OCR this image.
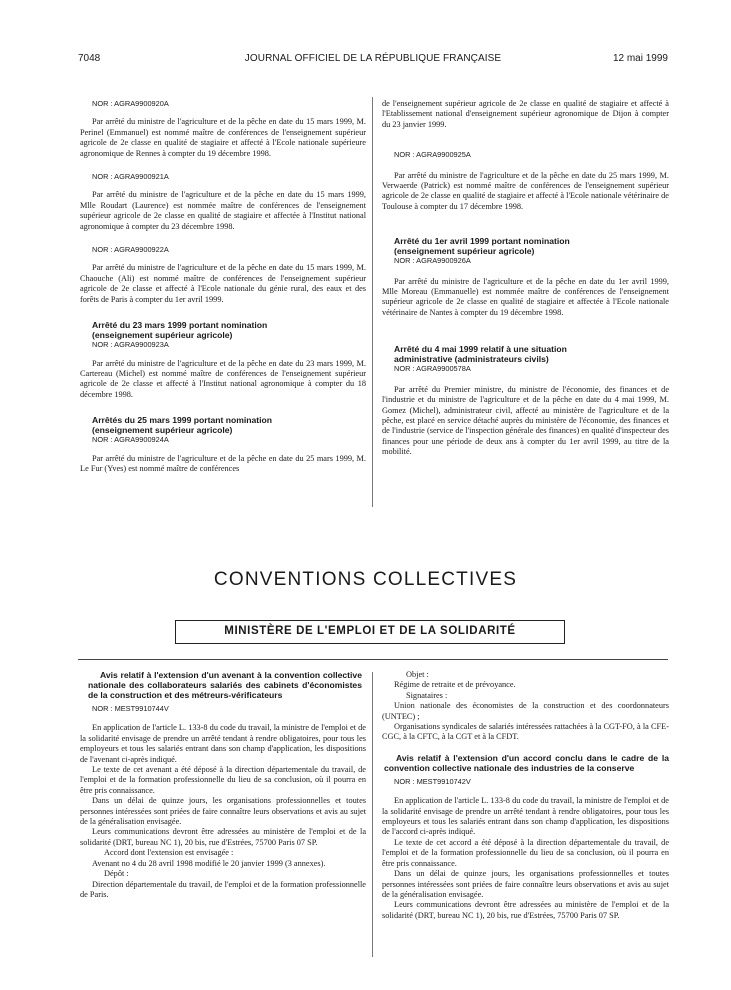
7048	JOURNAL OFFICIEL DE LA RÉPUBLIQUE FRANÇAISE	12 mai 1999

NOR : AGRA9900920A

Par arrêté du ministre de l'agriculture et de la pêche en date du 15 mars 1999, M. Perinel (Emmanuel) est nommé maître de conférences de l'enseignement supérieur agricole de 2e classe en qualité de stagiaire et affecté à l'Ecole nationale supérieure agronomique de Rennes à compter du 19 décembre 1998.

NOR : AGRA9900921A

Par arrêté du ministre de l'agriculture et de la pêche en date du 15 mars 1999, Mlle Roudart (Laurence) est nommée maître de conférences de l'enseignement supérieur agricole de 2e classe en qualité de stagiaire et affectée à l'Institut national agronomique à compter du 23 décembre 1998.

NOR : AGRA9900922A

Par arrêté du ministre de l'agriculture et de la pêche en date du 15 mars 1999, M. Chaouche (Ali) est nommé maître de conférences de l'enseignement supérieur agricole de 2e classe et affecté à l'Ecole nationale du génie rural, des eaux et des forêts de Paris à compter du 1er avril 1999.

Arrêté du 23 mars 1999 portant nomination

(enseignement supérieur agricole)

NOR : AGRA9900923A

Par arrêté du ministre de l'agriculture et de la pêche en date du 23 mars 1999, M. Cartereau (Michel) est nommé maître de conférences de l'enseignement supérieur agricole de 2e classe et affecté à l'Institut national agronomique à compter du 18 décembre 1998.

Arrêtés du 25 mars 1999 portant nomination

(enseignement supérieur agricole)

NOR : AGRA9900924A

Par arrêté du ministre de l'agriculture et de la pêche en date du 25 mars 1999, M. Le Fur (Yves) est nommé maître de conférences

de l'enseignement supérieur agricole de 2e classe en qualité de stagiaire et affecté à l'Etablissement national d'enseignement supérieur agronomique de Dijon à compter du 23 janvier 1999.

NOR : AGRA9900925A

Par arrêté du ministre de l'agriculture et de la pêche en date du 25 mars 1999, M. Verwaerde (Patrick) est nommé maître de conférences de l'enseignement supérieur agricole de 2e classe en qualité de stagiaire et affecté à l'Ecole nationale vétérinaire de Toulouse à compter du 17 décembre 1998.

Arrêté du 1er avril 1999 portant nomination

(enseignement supérieur agricole)

NOR : AGRA9900926A

Par arrêté du ministre de l'agriculture et de la pêche en date du 1er avril 1999, Mlle Moreau (Emmanuelle) est nommée maître de conférences de l'enseignement supérieur agricole de 2e classe en qualité de stagiaire et affectée à l'Ecole nationale vétérinaire de Nantes à compter du 19 décembre 1998.

Arrêté du 4 mai 1999 relatif à une situation

administrative (administrateurs civils)

NOR : AGRA9900578A

Par arrêté du Premier ministre, du ministre de l'économie, des finances et de l'industrie et du ministre de l'agriculture et de la pêche en date du 4 mai 1999, M. Gomez (Michel), administrateur civil, affecté au ministère de l'agriculture et de la pêche, est placé en service détaché auprès du ministère de l'économie, des finances et de l'industrie (service de l'inspection générale des finances) en qualité d'inspecteur des finances pour une période de deux ans à compter du 1er avril 1999, au titre de la mobilité.

CONVENTIONS COLLECTIVES
MINISTÈRE DE L'EMPLOI ET DE LA SOLIDARITÉ

Avis relatif à l'extension d'un avenant à la convention collective nationale des collaborateurs salariés des cabinets d'économistes de la construction et des métreurs-vérificateurs

NOR : MEST9910744V

En application de l'article L. 133-8 du code du travail, la ministre de l'emploi et de la solidarité envisage de prendre un arrêté tendant à rendre obligatoires, pour tous les employeurs et tous les salariés entrant dans son champ d'application, les dispositions de l'avenant ci-après indiqué.

Le texte de cet avenant a été déposé à la direction départementale du travail, de l'emploi et de la formation professionnelle du lieu de sa conclusion, où il pourra en être pris connaissance.

Dans un délai de quinze jours, les organisations professionnelles et toutes personnes intéressées sont priées de faire connaître leurs observations et avis au sujet de la généralisation envisagée.

Leurs communications devront être adressées au ministère de l'emploi et de la solidarité (DRT, bureau NC 1), 20 bis, rue d'Estrées, 75700 Paris 07 SP.

Accord dont l'extension est envisagée :

Avenant no 4 du 28 avril 1998 modifié le 20 janvier 1999 (3 annexes).

Dépôt :

Direction départementale du travail, de l'emploi et de la formation professionnelle de Paris.

Objet :

Régime de retraite et de prévoyance.

Signataires :

Union nationale des économistes de la construction et des coordonnateurs (UNTEC) ;

Organisations syndicales de salariés intéressées rattachées à la CGT-FO, à la CFE-CGC, à la CFTC, à la CGT et à la CFDT.

Avis relatif à l'extension d'un accord conclu dans le cadre de la convention collective nationale des industries de la conserve

NOR : MEST9910742V

En application de l'article L. 133-8 du code du travail, la ministre de l'emploi et de la solidarité envisage de prendre un arrêté tendant à rendre obligatoires, pour tous les employeurs et tous les salariés entrant dans son champ d'application, les dispositions de l'accord ci-après indiqué.

Le texte de cet accord a été déposé à la direction départementale du travail, de l'emploi et de la formation professionnelle du lieu de sa conclusion, où il pourra en être pris connaissance.

Dans un délai de quinze jours, les organisations professionnelles et toutes personnes intéressées sont priées de faire connaître leurs observations et avis au sujet de la généralisation envisagée.

Leurs communications devront être adressées au ministère de l'emploi et de la solidarité (DRT, bureau NC 1), 20 bis, rue d'Estrées, 75700 Paris 07 SP.
